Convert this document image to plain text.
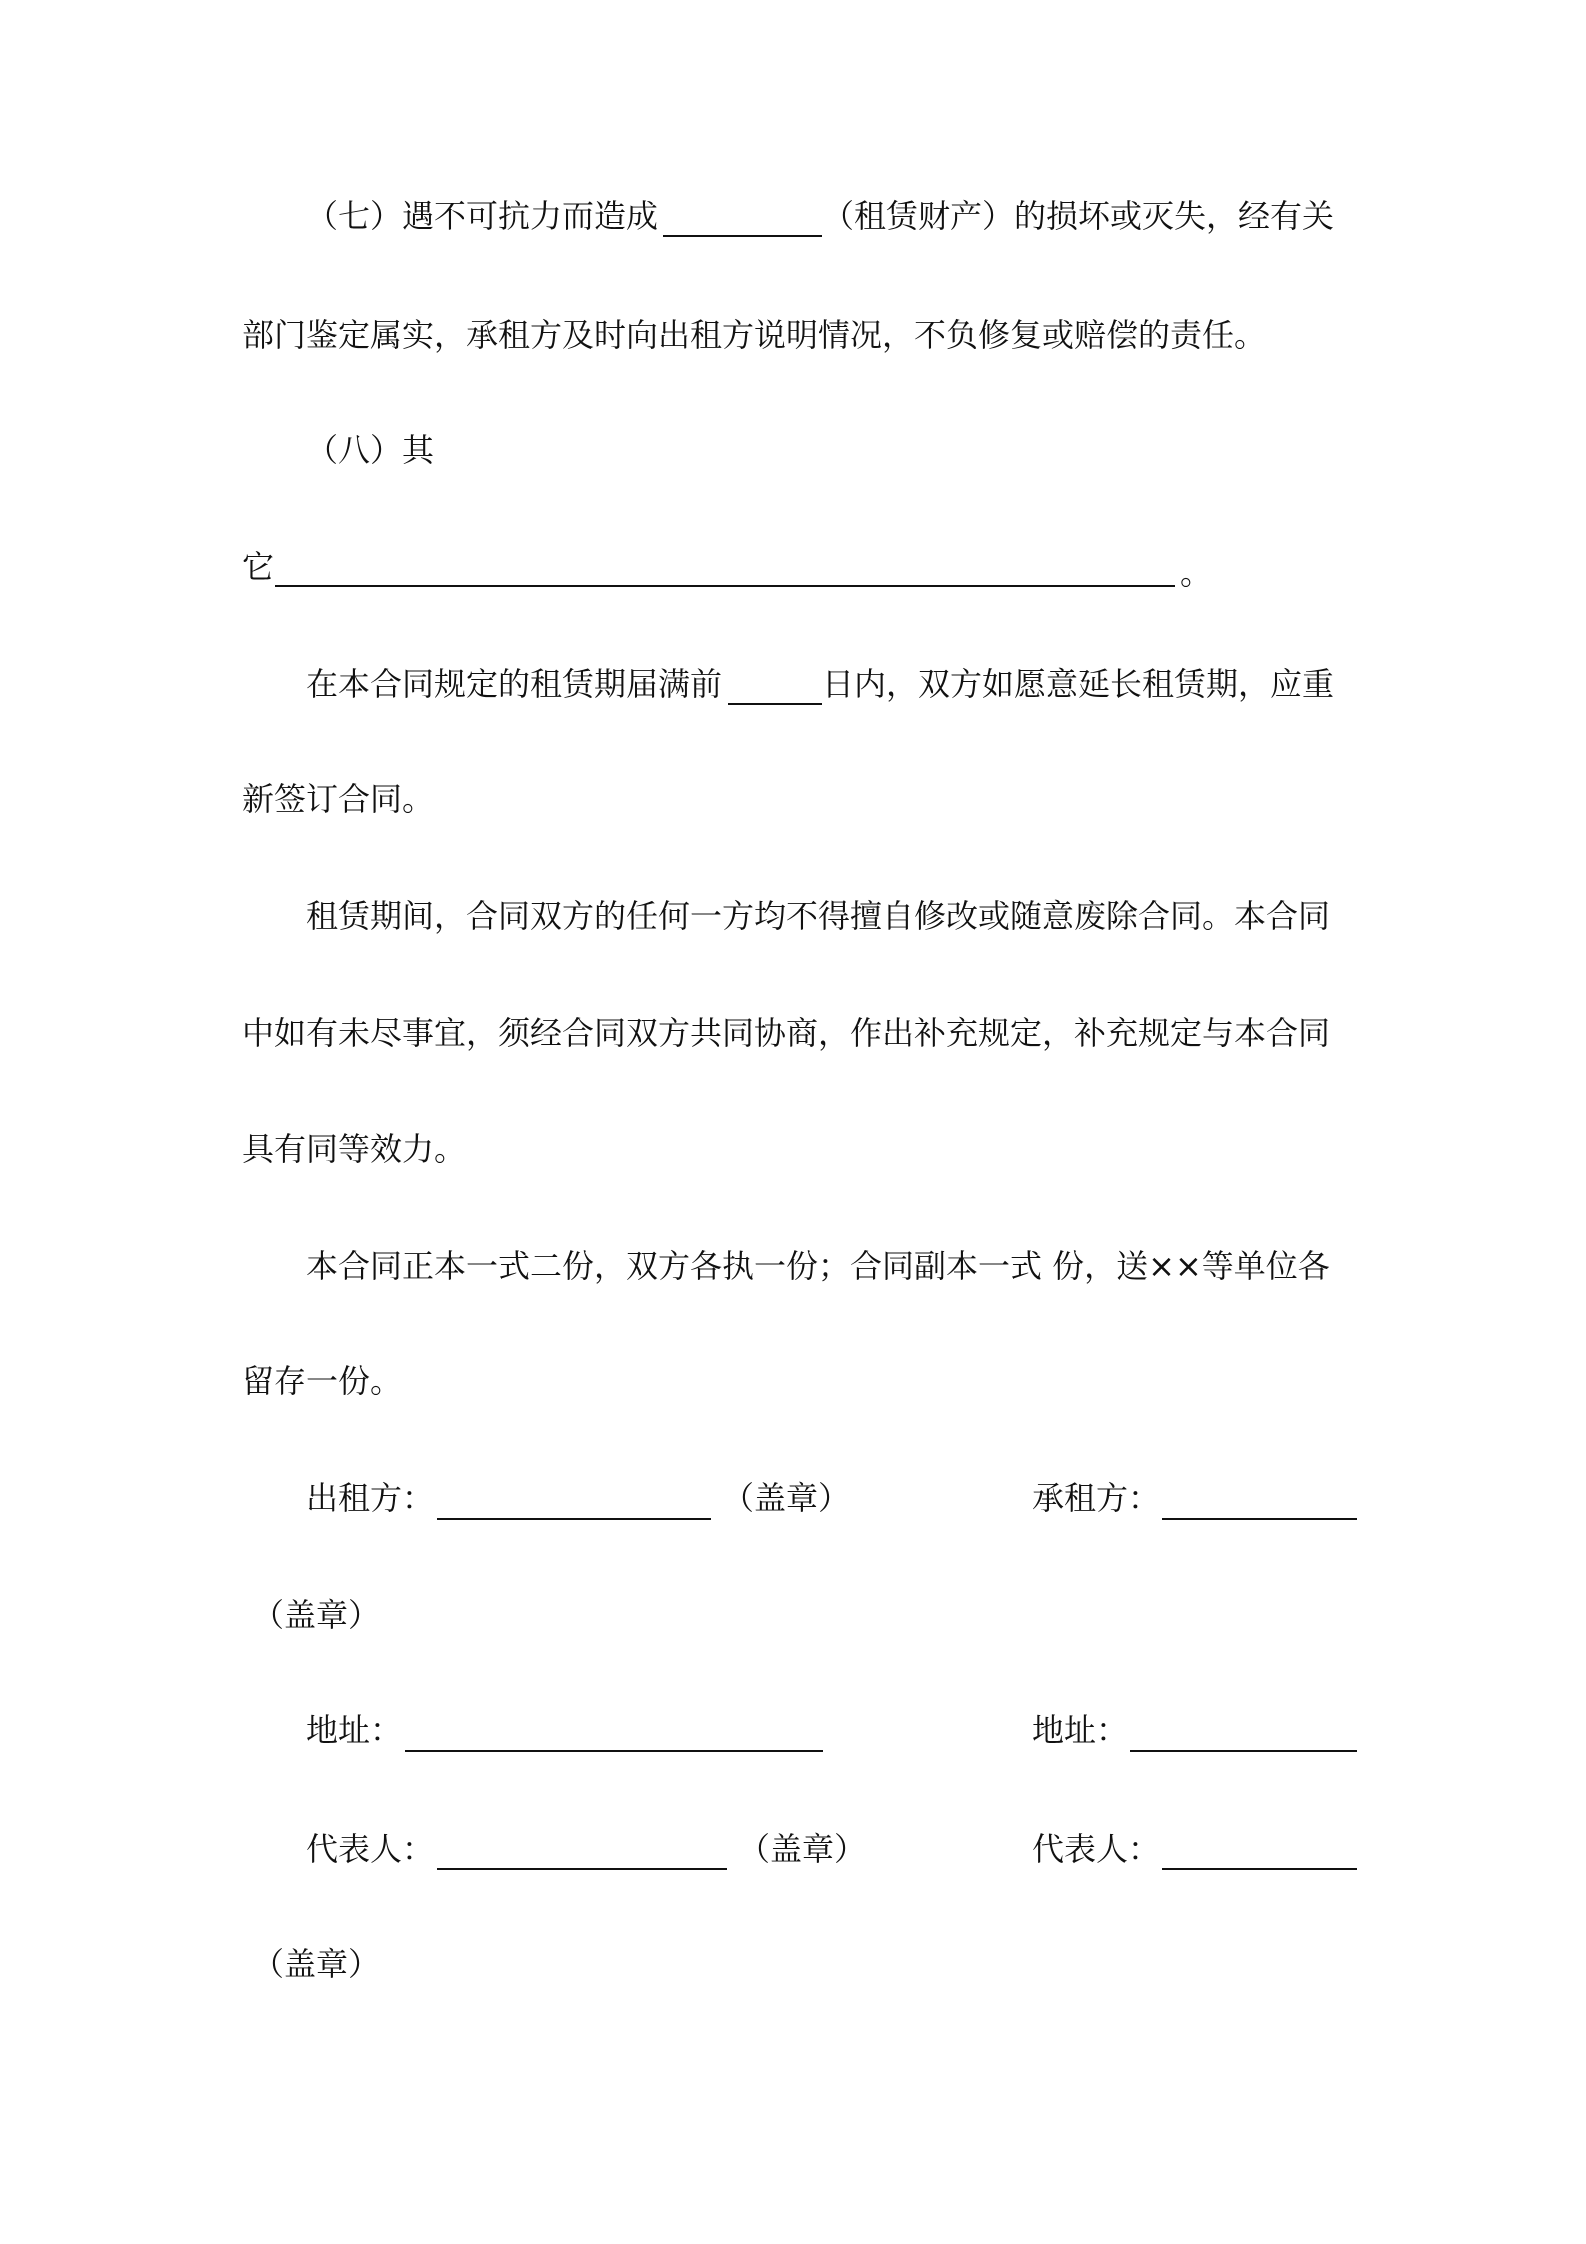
（七）遇不可抗力而造成	（租赁财产）的损坏或灭失，经有关
部门鉴定属实，承租方及时向出租方说明情况，不负修复或赔偿的责任。
（八）其
它	。
在本合同规定的租赁期届满前	日内，双方如愿意延长租赁期，应重
新签订合同。
租赁期间，合同双方的任何一方均不得擅自修改或随意废除合同。本合同
中如有未尽事宜，须经合同双方共同协商，作出补充规定，补充规定与本合同
具有同等效力。
本合同正本一式二份，双方各执一份；合同副本一式 份，送××等单位各
留存一份。
出租方：	（盖章）	承租方：
（盖章）
地址：	地址：
代表人：	（盖章）	代表人：
（盖章）
